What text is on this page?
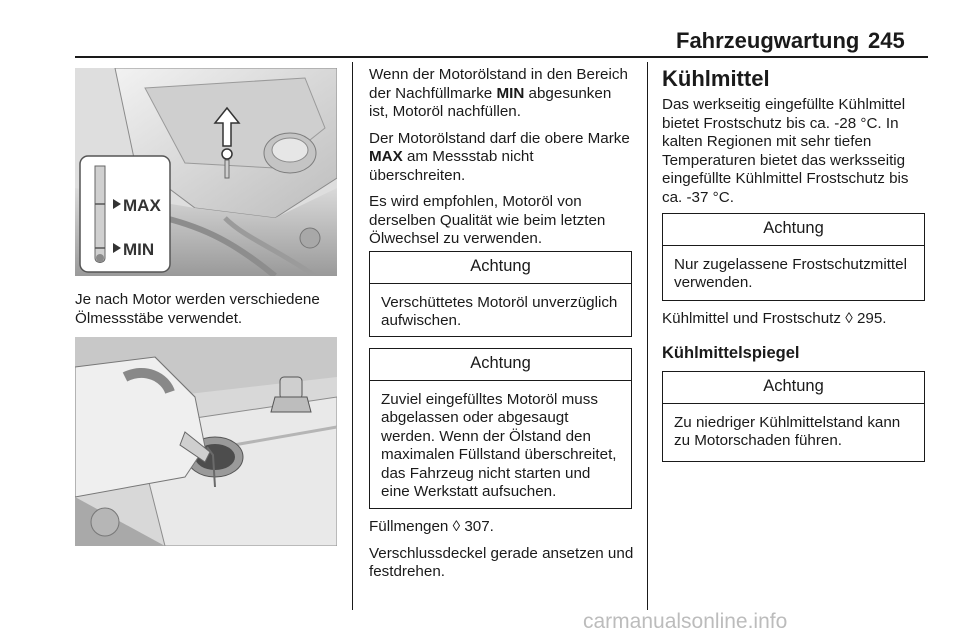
Fahrzeugwartung 245
MAX
MIN
Je nach Motor werden verschiedene Ölmessstäbe verwendet.

Wenn der Motorölstand in den Bereich der Nachfüllmarke MIN abgesunken ist, Motoröl nachfüllen.

Der Motorölstand darf die obere Marke MAX am Messstab nicht überschreiten.

Es wird empfohlen, Motoröl von derselben Qualität wie beim letzten Ölwechsel zu verwenden.

Achtung
Verschüttetes Motoröl unverzüglich aufwischen.
Achtung
Zuviel eingefülltes Motoröl muss abgelassen oder abgesaugt werden. Wenn der Ölstand den maximalen Füllstand überschreitet, das Fahrzeug nicht starten und eine Werkstatt aufsuchen.

Füllmengen ◊ 307.

Verschlussdeckel gerade ansetzen und festdrehen.

Kühlmittel
Das werkseitig eingefüllte Kühlmittel bietet Frostschutz bis ca. -28 °C. In kalten Regionen mit sehr tiefen Temperaturen bietet das werksseitig eingefüllte Kühlmittel Frostschutz bis ca. -37 °C.
Achtung
Nur zugelassene Frostschutzmittel verwenden.
Kühlmittel und Frostschutz ◊ 295.
Kühlmittelspiegel
Achtung
Zu niedriger Kühlmittelstand kann zu Motorschaden führen.
carmanualsonline.info
